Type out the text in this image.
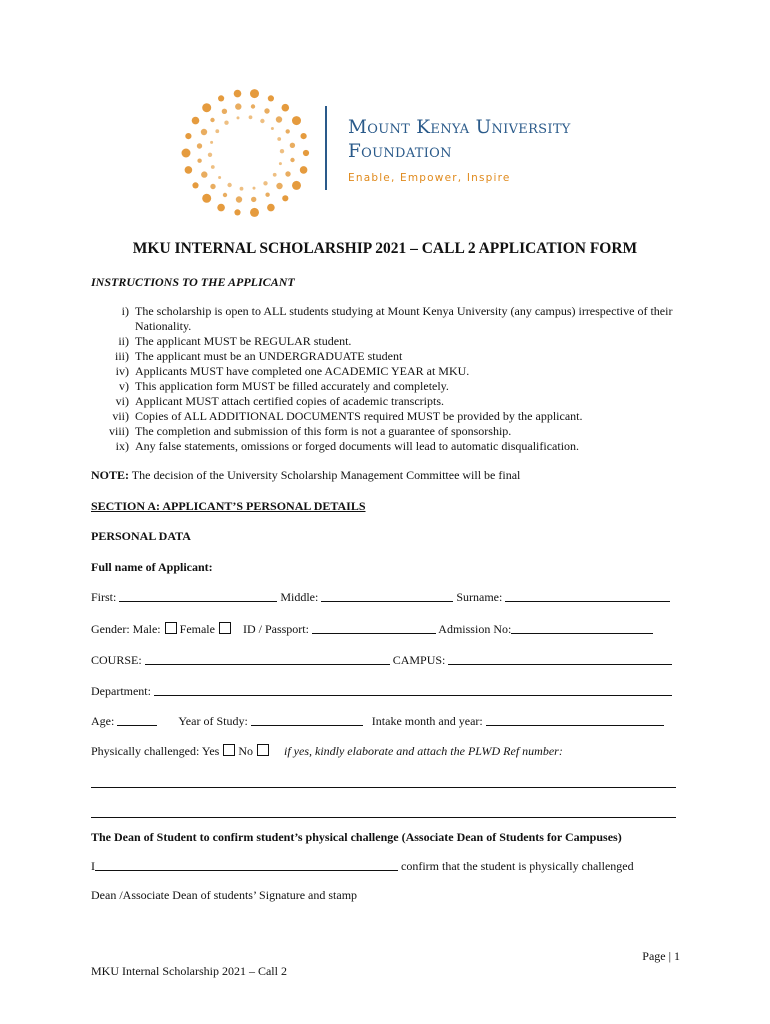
Mount Kenya University
Foundation
Enable, Empower, Inspire
MKU INTERNAL SCHOLARSHIP 2021 – CALL 2 APPLICATION FORM
INSTRUCTIONS TO THE APPLICANT
i) The scholarship is open to ALL students studying at Mount Kenya University (any campus) irrespective of their Nationality.
ii) The applicant MUST be REGULAR student.
iii) The applicant must be an UNDERGRADUATE student
iv) Applicants MUST have completed one ACADEMIC YEAR at MKU.
v) This application form MUST be filled accurately and completely.
vi) Applicant MUST attach certified copies of academic transcripts.
vii) Copies of ALL ADDITIONAL DOCUMENTS required MUST be provided by the applicant.
viii) The completion and submission of this form is not a guarantee of sponsorship.
ix) Any false statements, omissions or forged documents will lead to automatic disqualification.
NOTE: The decision of the University Scholarship Management Committee will be final
SECTION A: APPLICANT’S PERSONAL DETAILS
PERSONAL DATA
Full name of Applicant:
First:	Middle:	Surname:
Gender: Male: Female ID / Passport:	Admission No:
COURSE:	CAMPUS:
Department:
Age:	Year of Study:	Intake month and year:
Physically challenged: Yes No	if yes, kindly elaborate and attach the PLWD Ref number:
The Dean of Student to confirm student’s physical challenge (Associate Dean of Students for Campuses)
I	confirm that the student is physically challenged
Dean /Associate Dean of students’ Signature and stamp
Page | 1
MKU Internal Scholarship 2021 – Call 2
